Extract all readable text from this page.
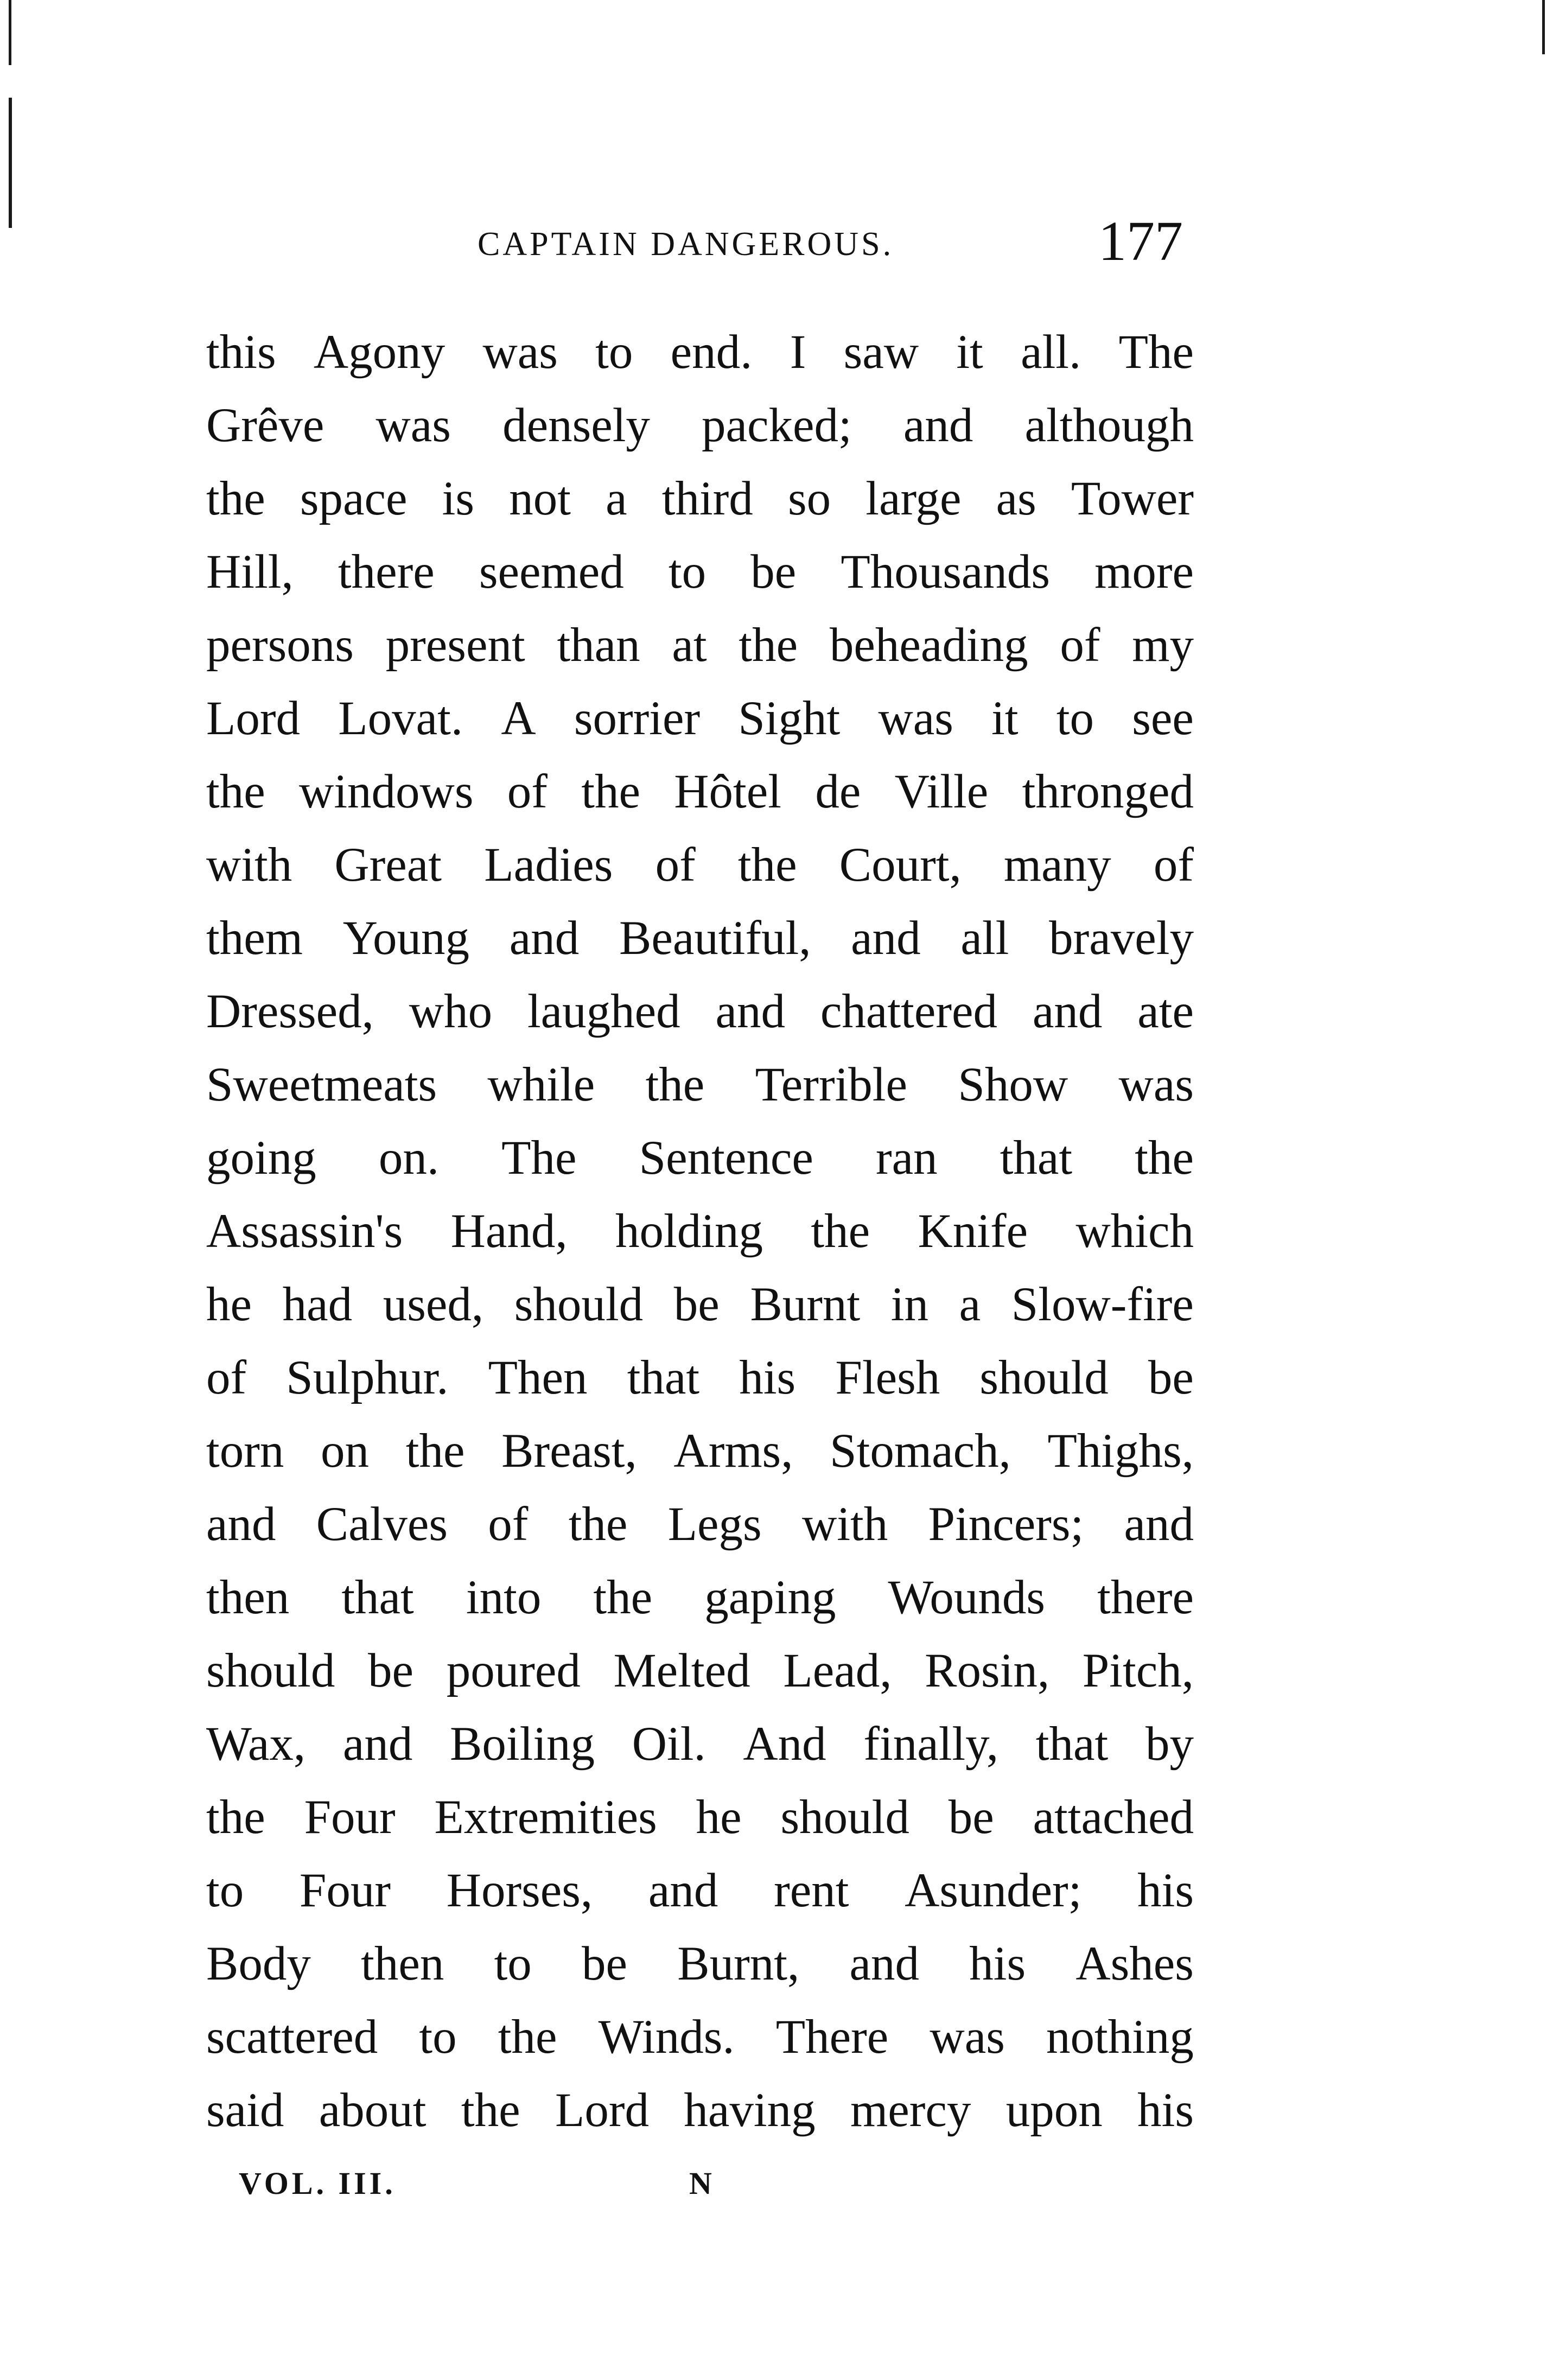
CAPTAIN DANGEROUS.	177
this Agony was to end. I saw it all. The
Grêve was densely packed; and although
the space is not a third so large as Tower
Hill, there seemed to be Thousands more
persons present than at the beheading of my
Lord Lovat. A sorrier Sight was it to see
the windows of the Hôtel de Ville thronged
with Great Ladies of the Court, many of
them Young and Beautiful, and all bravely
Dressed, who laughed and chattered and ate
Sweetmeats while the Terrible Show was
going on. The Sentence ran that the
Assassin's Hand, holding the Knife which
he had used, should be Burnt in a Slow-fire
of Sulphur. Then that his Flesh should be
torn on the Breast, Arms, Stomach, Thighs,
and Calves of the Legs with Pincers; and
then that into the gaping Wounds there
should be poured Melted Lead, Rosin, Pitch,
Wax, and Boiling Oil. And finally, that by
the Four Extremities he should be attached
to Four Horses, and rent Asunder; his
Body then to be Burnt, and his Ashes
scattered to the Winds. There was nothing
said about the Lord having mercy upon his
VOL. III.	N
